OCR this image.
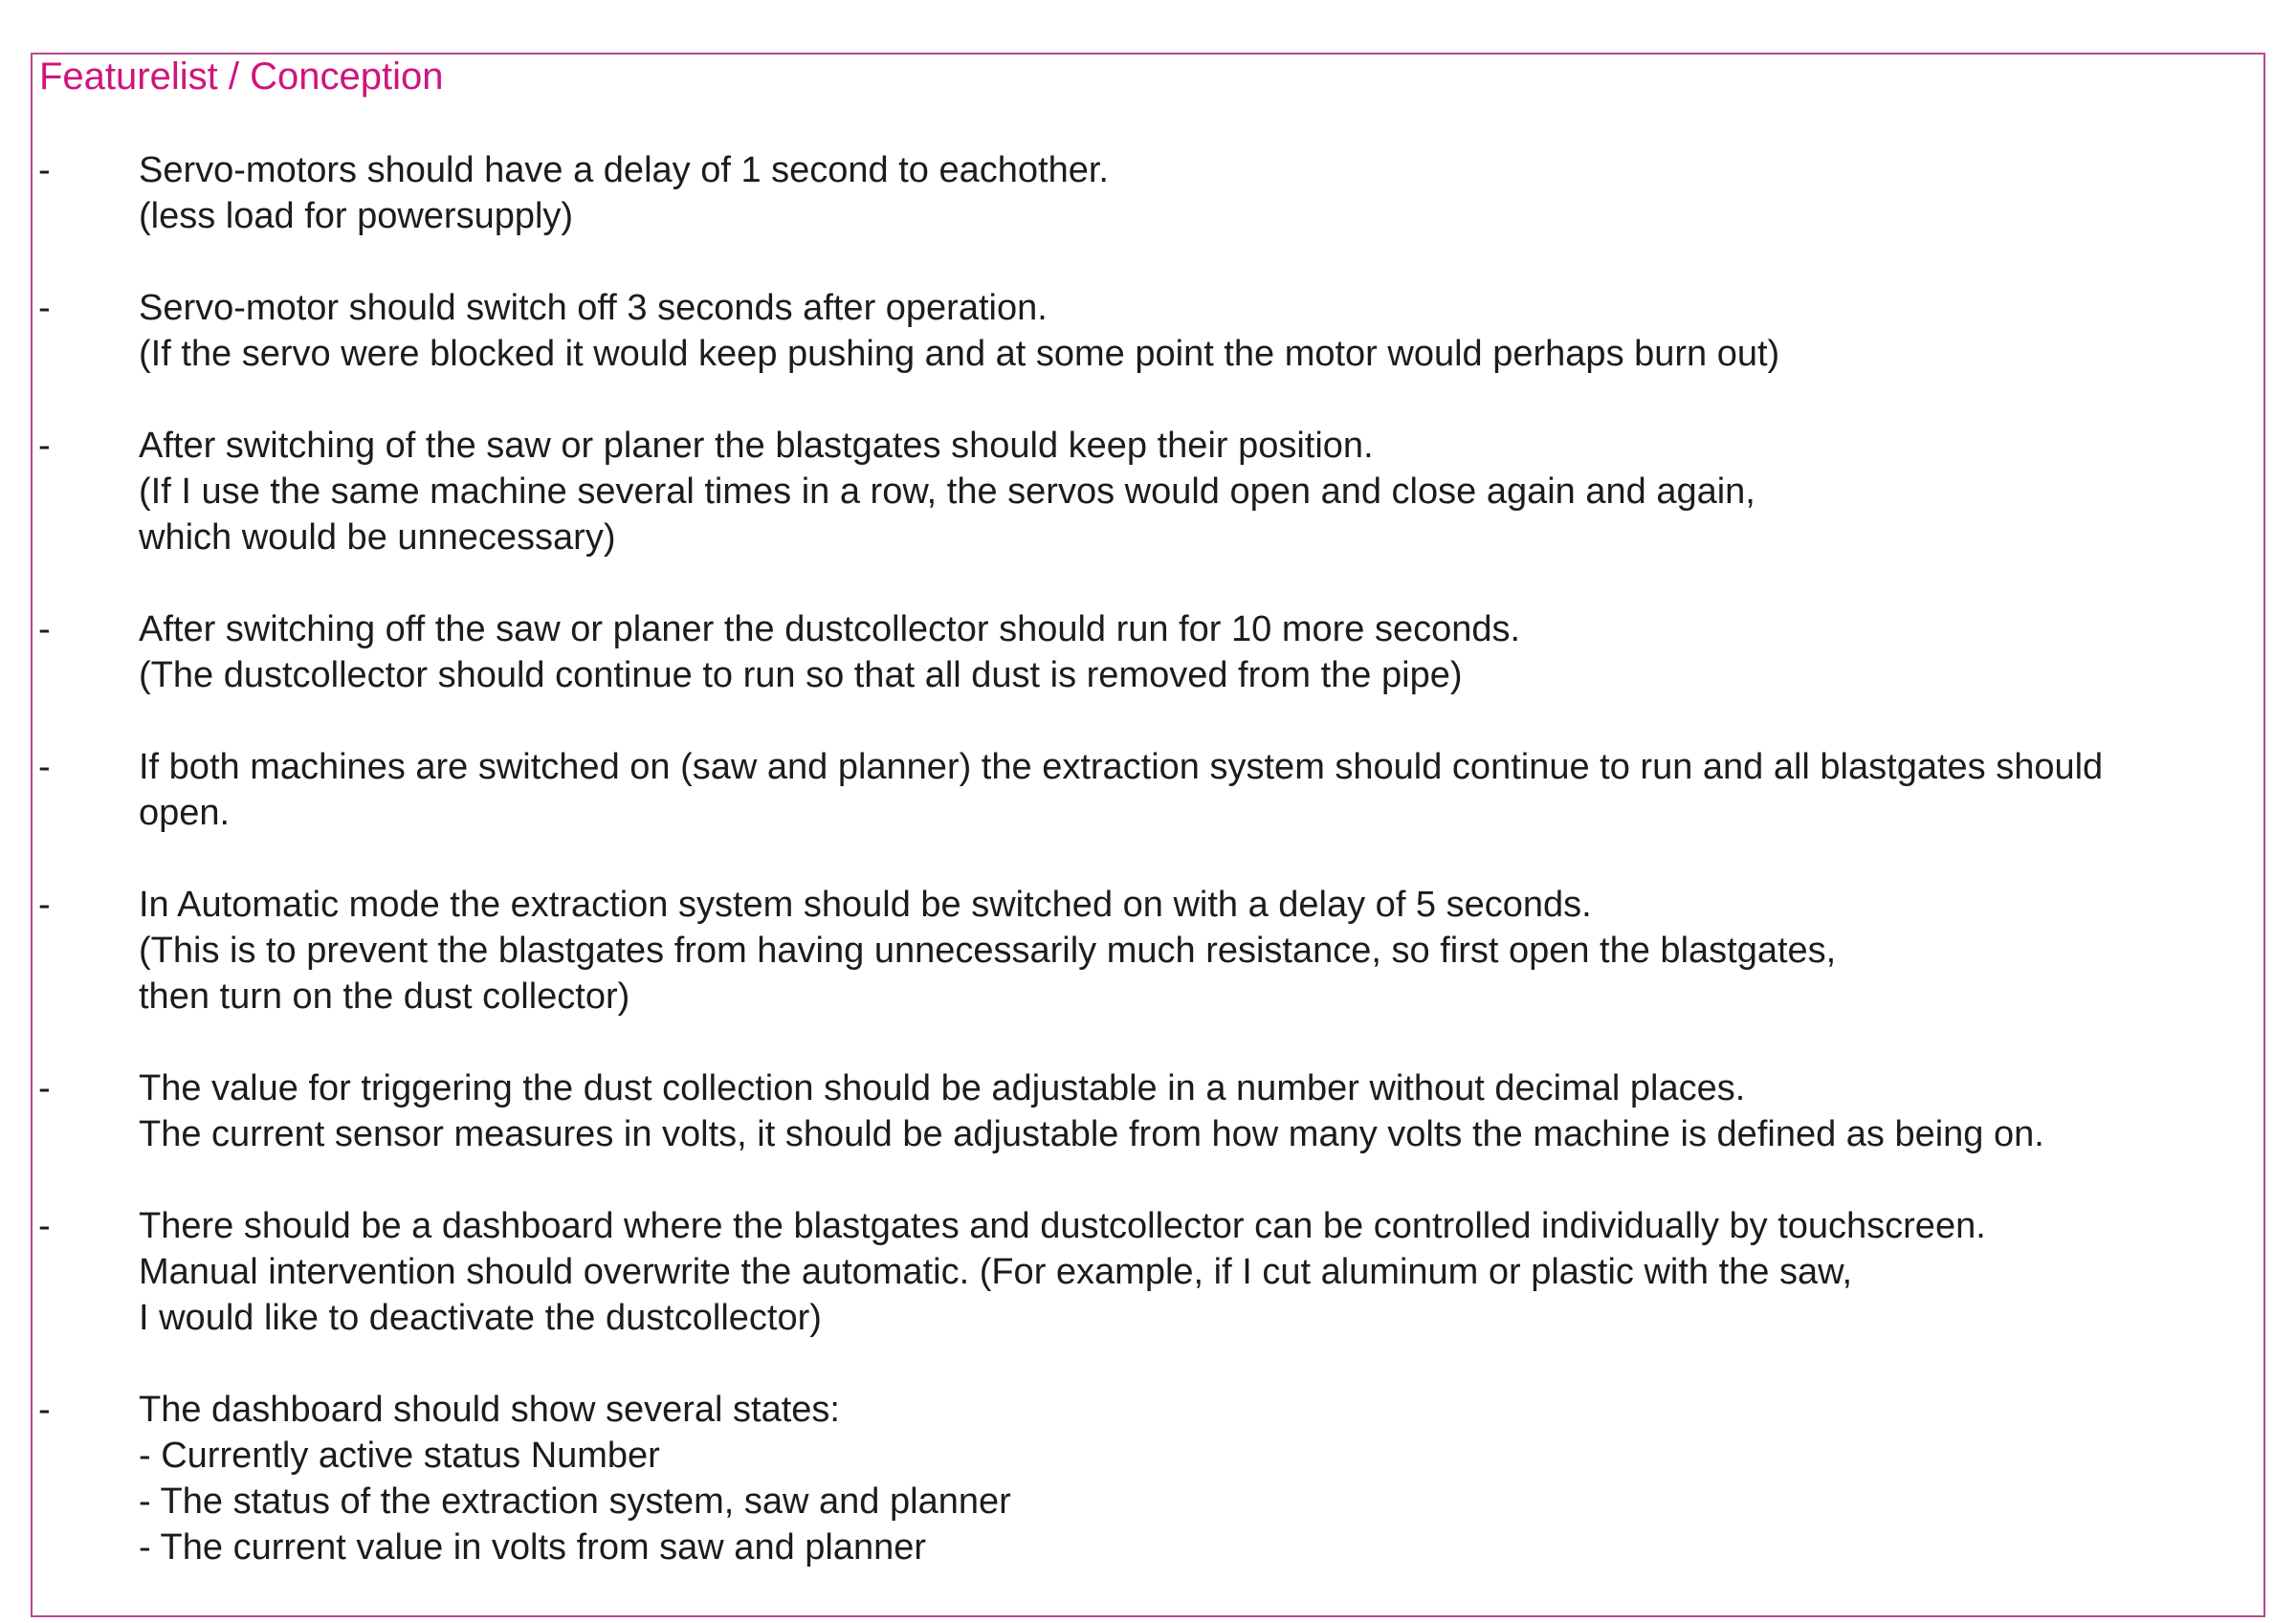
Featurelist / Conception
- Servo-motors should have a delay of 1 second to eachother.
(less load for powersupply)
- Servo-motor should switch off 3 seconds after operation.
(If the servo were blocked it would keep pushing and at some point the motor would perhaps burn out)
- After switching of the saw or planer the blastgates should keep their position.
(If I use the same machine several times in a row, the servos would open and close again and again,
which would be unnecessary)
- After switching off the saw or planer the dustcollector should run for 10 more seconds.
(The dustcollector should continue to run so that all dust is removed from the pipe)
- If both machines are switched on (saw and planner) the extraction system should continue to run and all blastgates should
open.
- In Automatic mode the extraction system should be switched on with a delay of 5 seconds.
(This is to prevent the blastgates from having unnecessarily much resistance, so first open the blastgates,
then turn on the dust collector)
- The value for triggering the dust collection should be adjustable in a number without decimal places.
The current sensor measures in volts, it should be adjustable from how many volts the machine is defined as being on.
- There should be a dashboard where the blastgates and dustcollector can be controlled individually by touchscreen.
Manual intervention should overwrite the automatic. (For example, if I cut aluminum or plastic with the saw,
I would like to deactivate the dustcollector)
- The dashboard should show several states:
- Currently active status Number
- The status of the extraction system, saw and planner
- The current value in volts from saw and planner
